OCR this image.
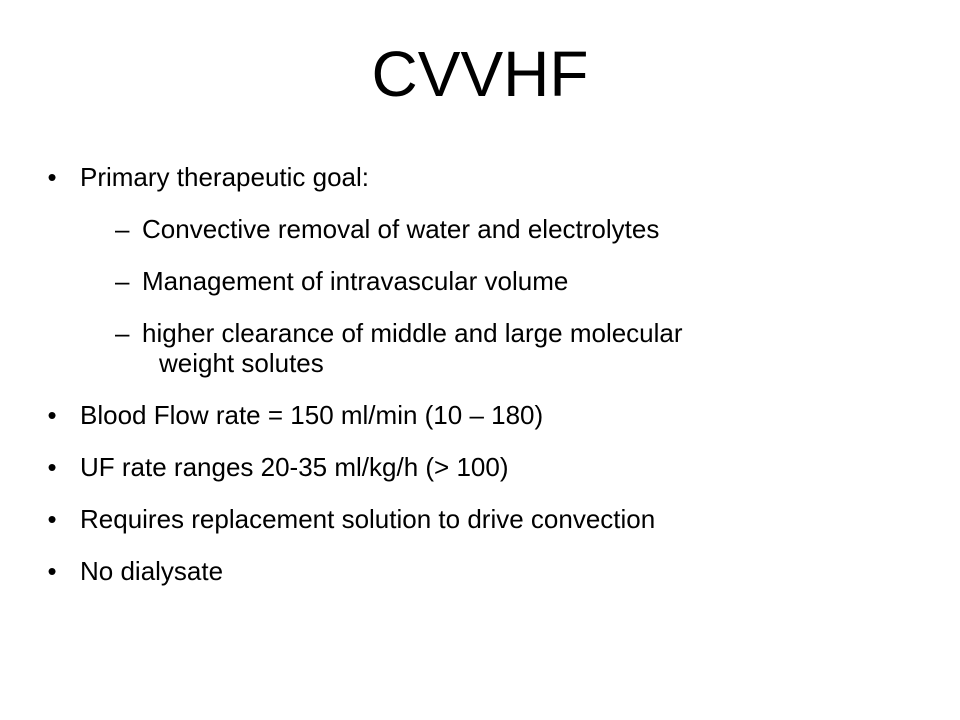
CVVHF
• Primary therapeutic goal:
– Convective removal of water and electrolytes
– Management of intravascular volume
– higher clearance of middle and large molecular
weight solutes
• Blood Flow rate = 150 ml/min (10 – 180)
• UF rate ranges 20-35 ml/kg/h (> 100)
• Requires replacement solution to drive convection
• No dialysate
